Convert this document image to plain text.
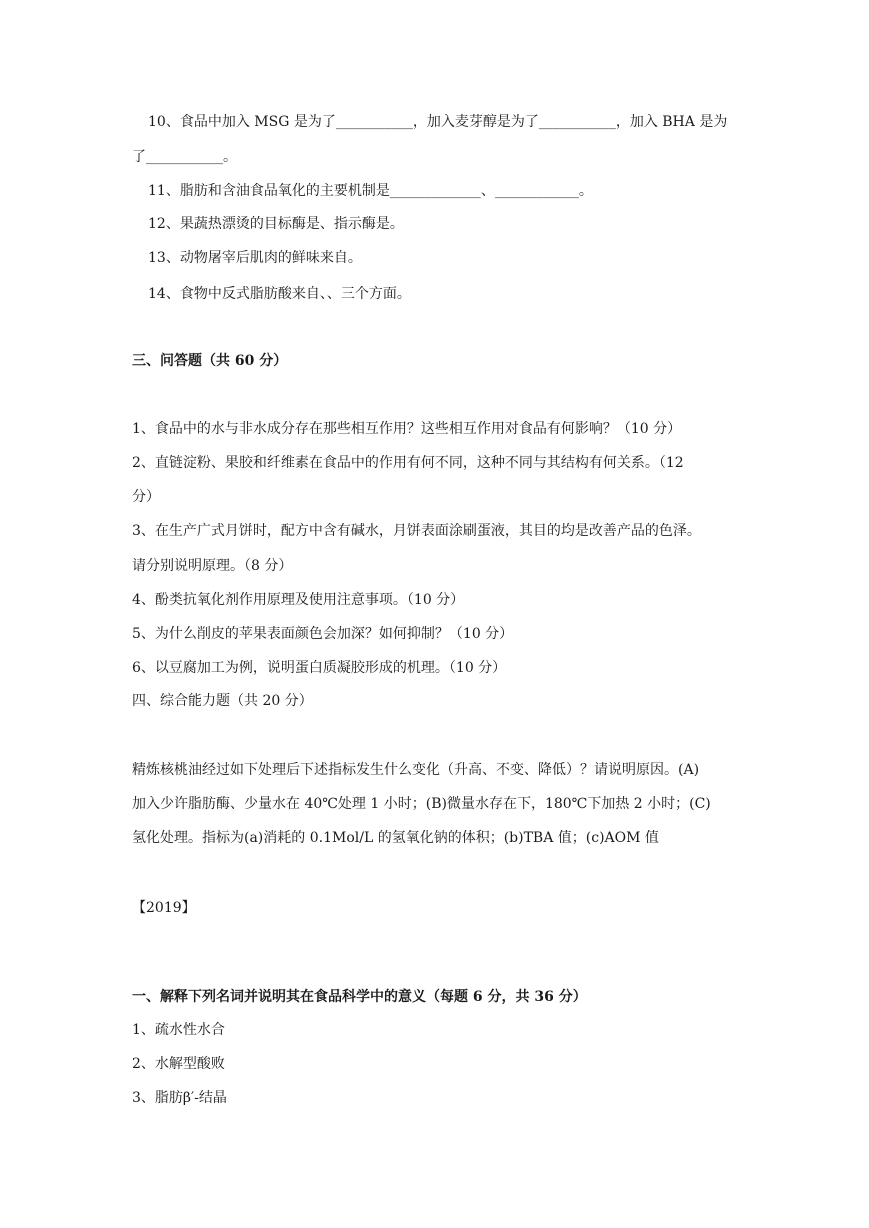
10、食品中加入 MSG 是为了___________，加入麦芽醇是为了___________，加入 BHA 是为
了___________。
11、脂肪和含油食品氧化的主要机制是_____________、____________。
12、果蔬热漂烫的目标酶是、指示酶是。
13、动物屠宰后肌肉的鲜味来自。
14、食物中反式脂肪酸来自、、三个方面。
三、问答题（共 60 分）
1、食品中的水与非水成分存在那些相互作用？这些相互作用对食品有何影响？（10 分）
2、直链淀粉、果胶和纤维素在食品中的作用有何不同，这种不同与其结构有何关系。（12
分）
3、在生产广式月饼时，配方中含有碱水，月饼表面涂刷蛋液，其目的均是改善产品的色泽。
请分别说明原理。（8 分）
4、酚类抗氧化剂作用原理及使用注意事项。（10 分）
5、为什么削皮的苹果表面颜色会加深？如何抑制？（10 分）
6、以豆腐加工为例，说明蛋白质凝胶形成的机理。（10 分）
四、综合能力题（共 20 分）
精炼核桃油经过如下处理后下述指标发生什么变化（升高、不变、降低）？请说明原因。(A)
加入少许脂肪酶、少量水在 40℃处理 1 小时；(B)微量水存在下，180℃下加热 2 小时；(C)
氢化处理。指标为(a)消耗的 0.1Mol/L 的氢氧化钠的体积；(b)TBA 值；(c)AOM 值
【2019】
一、解释下列名词并说明其在食品科学中的意义（每题 6 分，共 36 分）
1、疏水性水合
2、水解型酸败
3、脂肪β′-结晶
